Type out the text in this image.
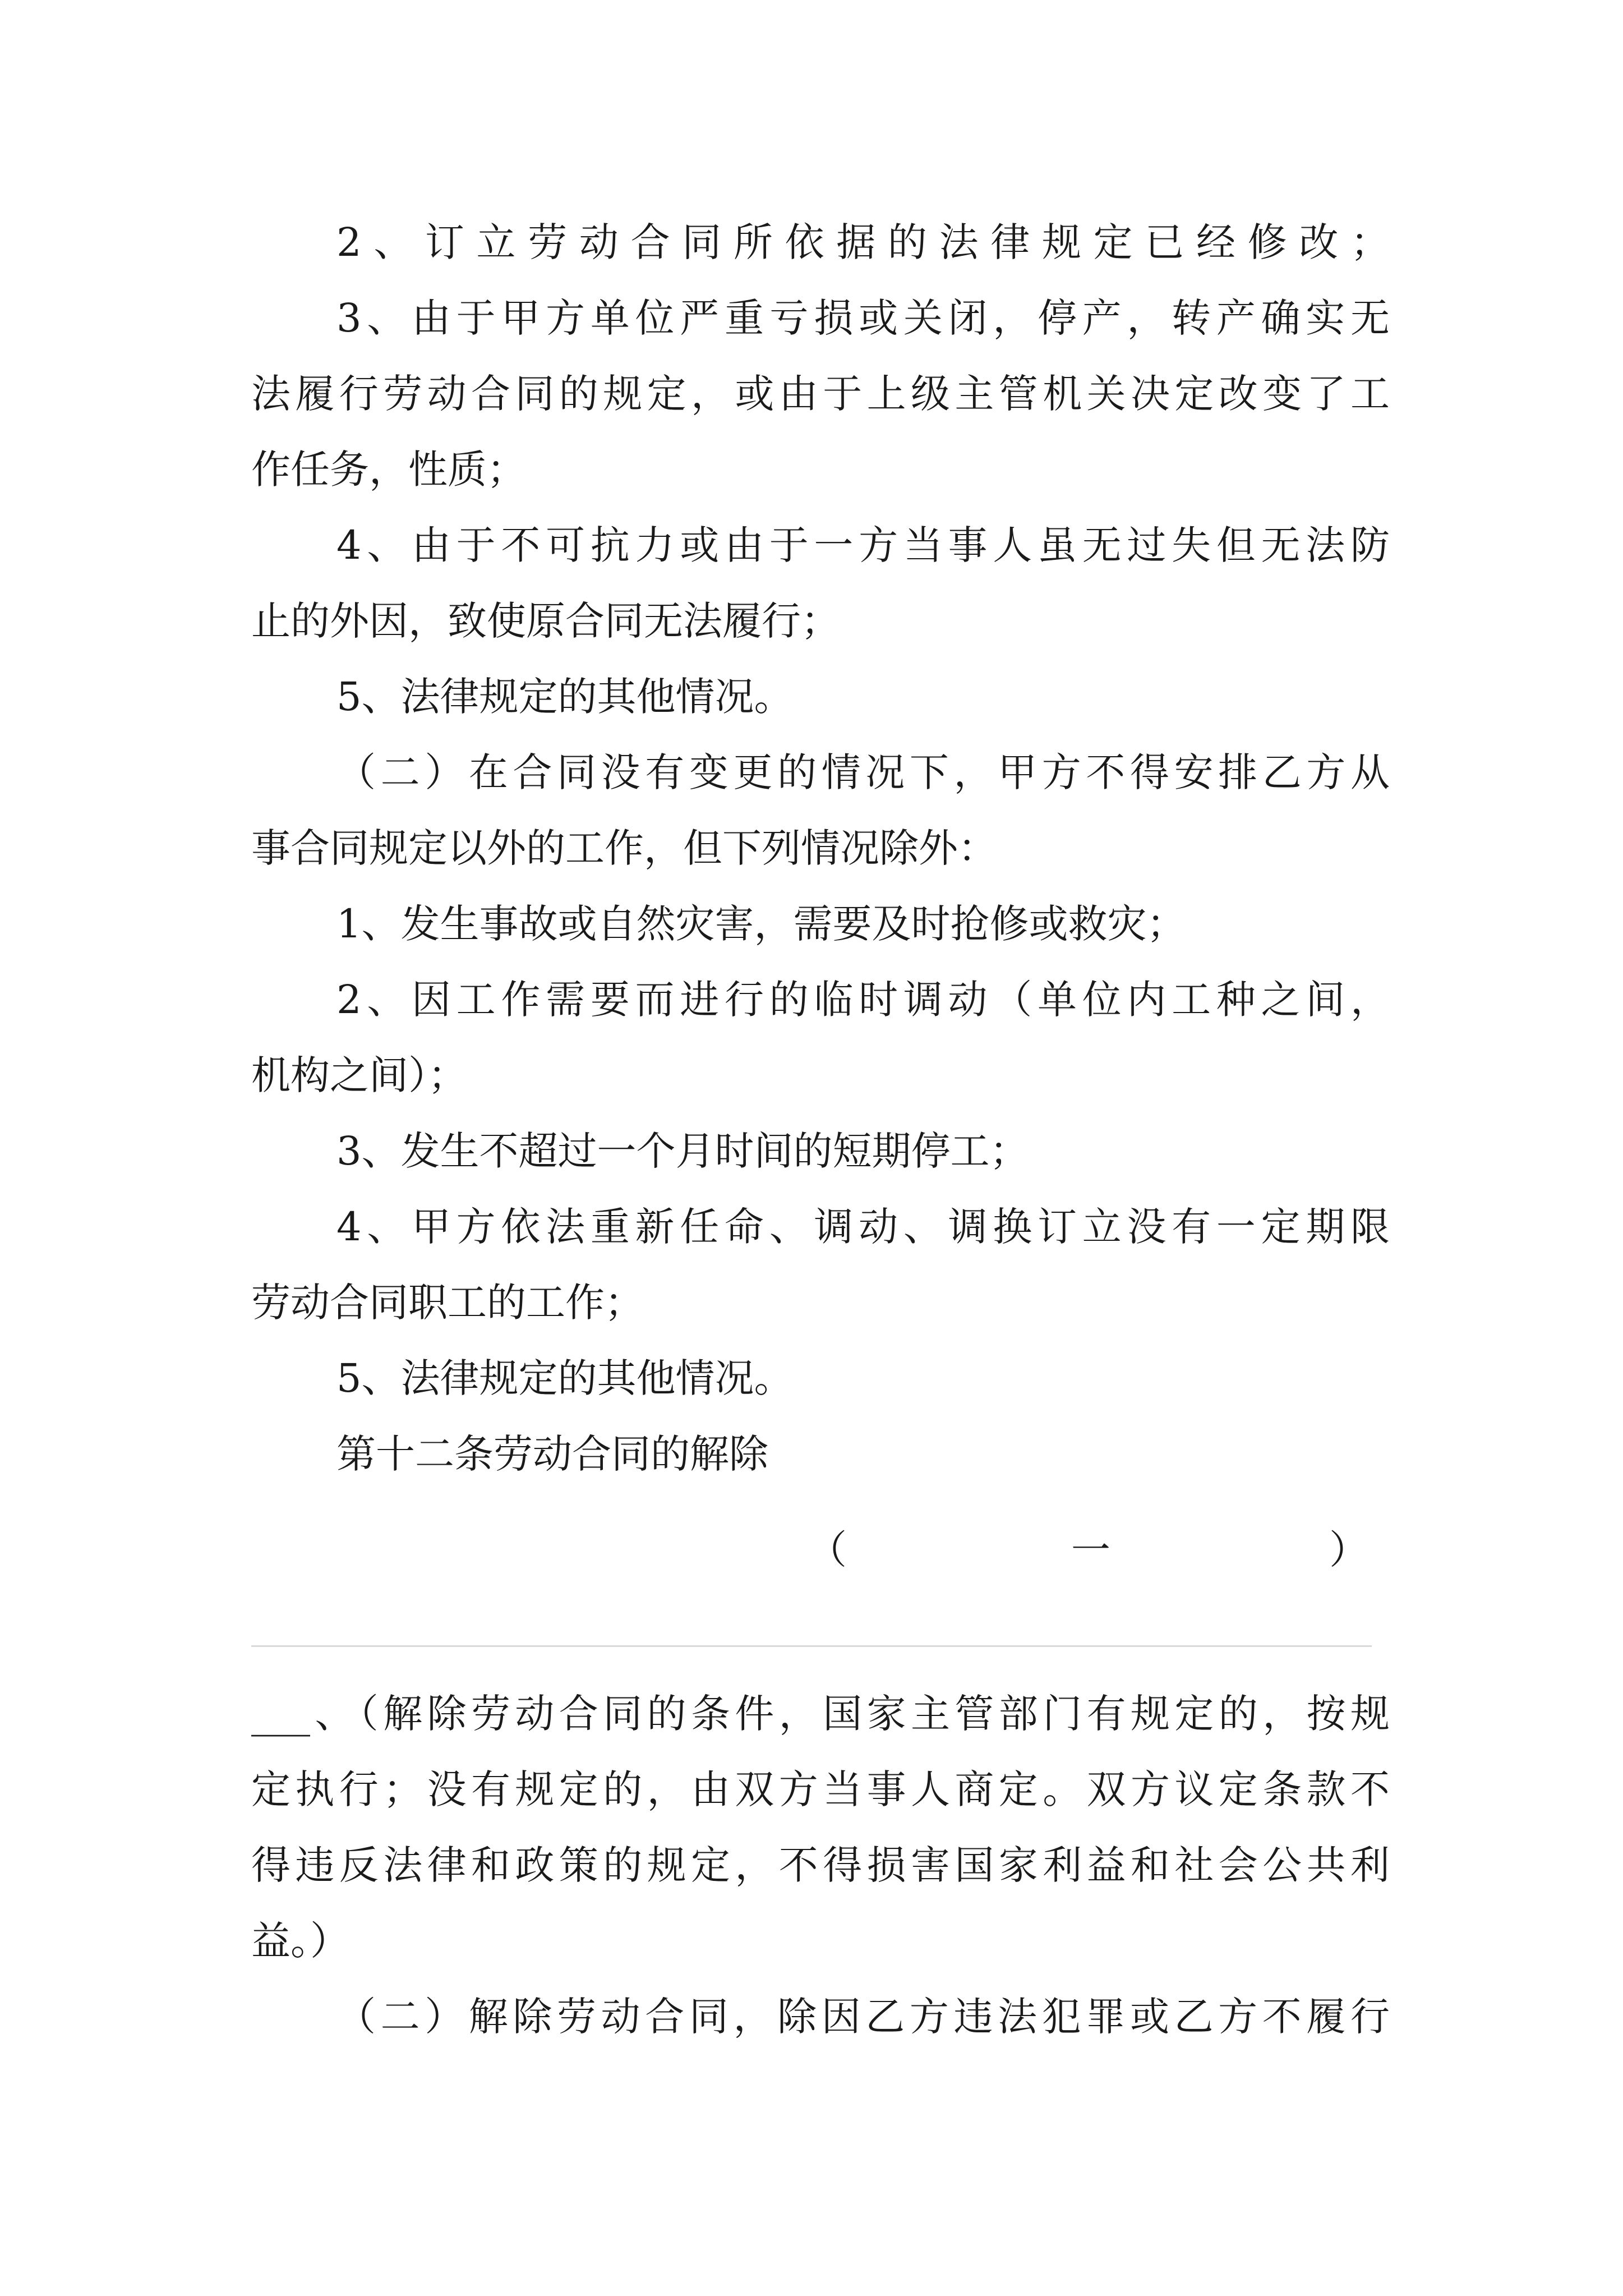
2、订立劳动合同所依据的法律规定已经修改；
3、由于甲方单位严重亏损或关闭，停产，转产确实无
法履行劳动合同的规定，或由于上级主管机关决定改变了工
作任务，性质；
4、由于不可抗力或由于一方当事人虽无过失但无法防
止的外因，致使原合同无法履行；
5、法律规定的其他情况。
（二）在合同没有变更的情况下，甲方不得安排乙方从
事合同规定以外的工作，但下列情况除外：
1、发生事故或自然灾害，需要及时抢修或救灾；
2、因工作需要而进行的临时调动（单位内工种之间，
机构之间）；
3、发生不超过一个月时间的短期停工；
4、甲方依法重新任命、调动、调换订立没有一定期限
劳动合同职工的工作；
5、法律规定的其他情况。
第十二条劳动合同的解除
（	一	）
___、（解除劳动合同的条件，国家主管部门有规定的，按规
定执行；没有规定的，由双方当事人商定。双方议定条款不
得违反法律和政策的规定，不得损害国家利益和社会公共利
益。）
（二）解除劳动合同，除因乙方违法犯罪或乙方不履行
